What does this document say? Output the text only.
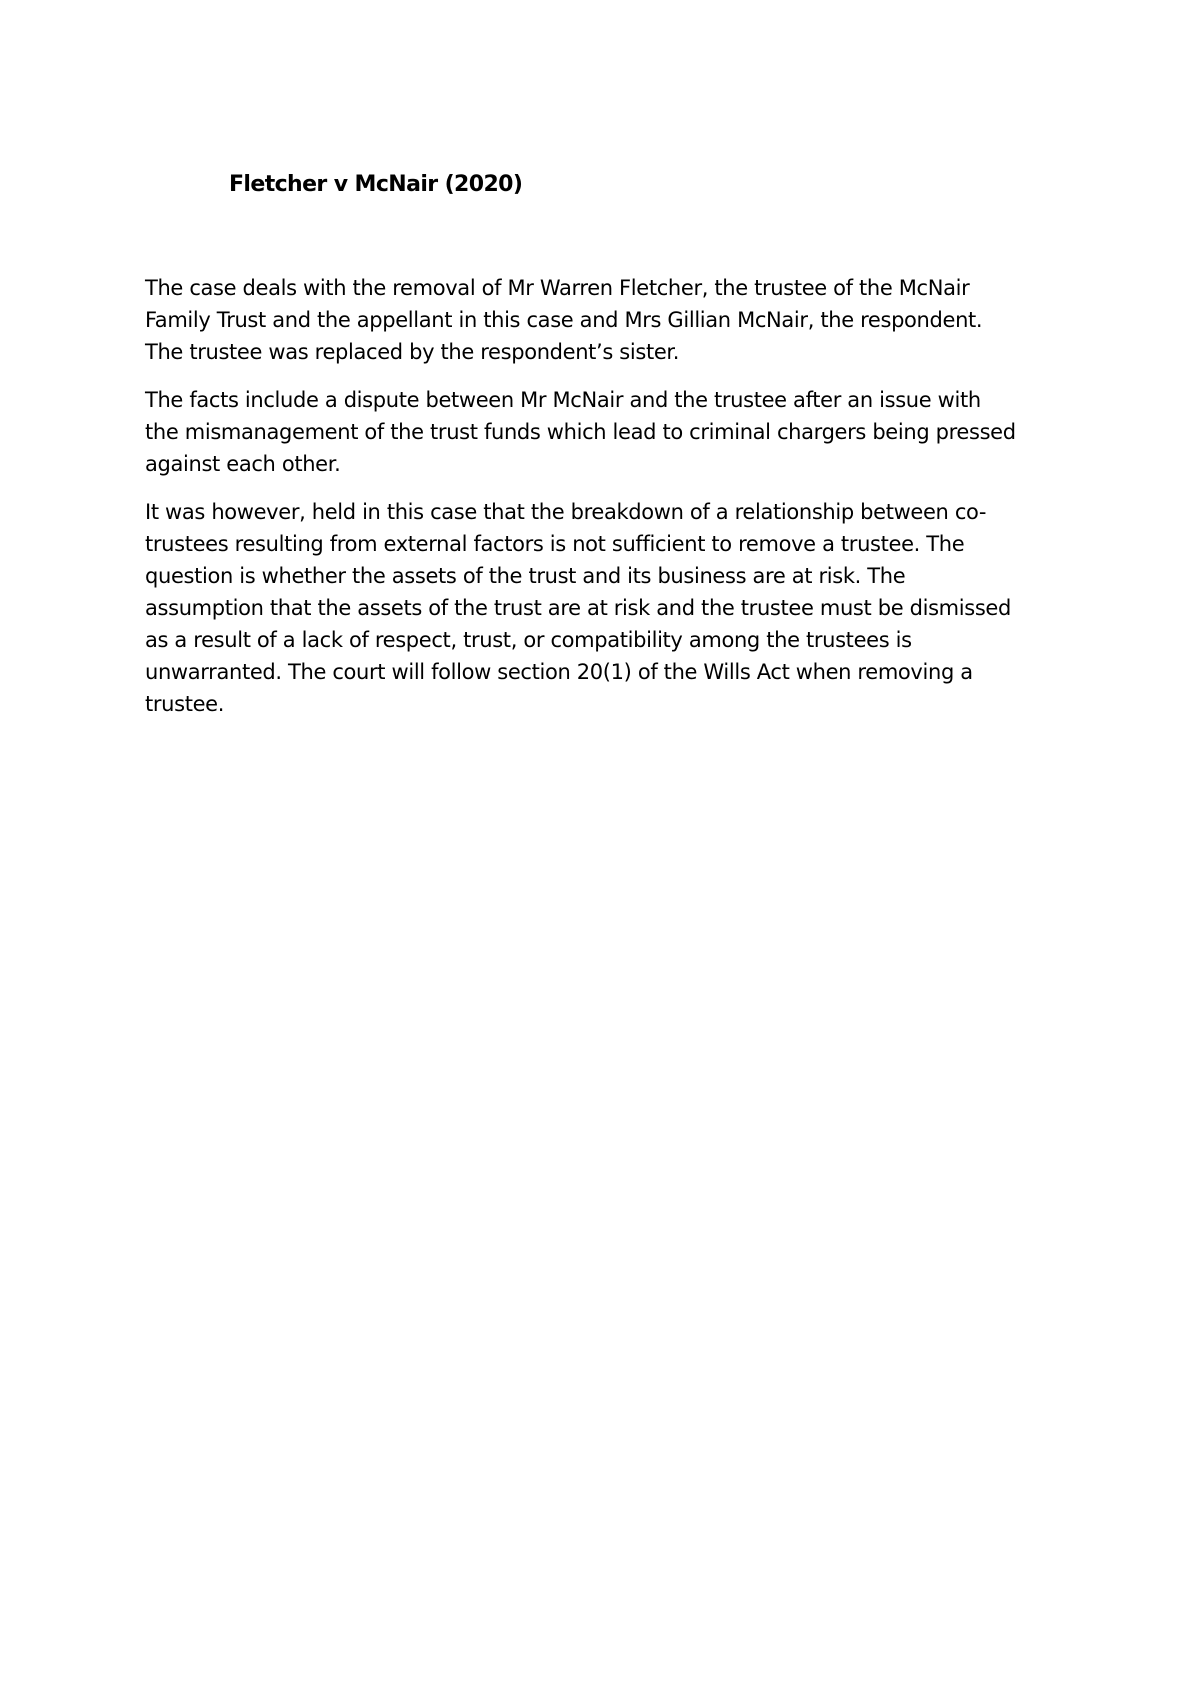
Fletcher v McNair (2020)

The case deals with the removal of Mr Warren Fletcher, the trustee of the McNair
Family Trust and the appellant in this case and Mrs Gillian McNair, the respondent.
The trustee was replaced by the respondent’s sister.

The facts include a dispute between Mr McNair and the trustee after an issue with
the mismanagement of the trust funds which lead to criminal chargers being pressed
against each other.

It was however, held in this case that the breakdown of a relationship between co-
trustees resulting from external factors is not sufficient to remove a trustee. The
question is whether the assets of the trust and its business are at risk. The
assumption that the assets of the trust are at risk and the trustee must be dismissed
as a result of a lack of respect, trust, or compatibility among the trustees is
unwarranted. The court will follow section 20(1) of the Wills Act when removing a
trustee.
